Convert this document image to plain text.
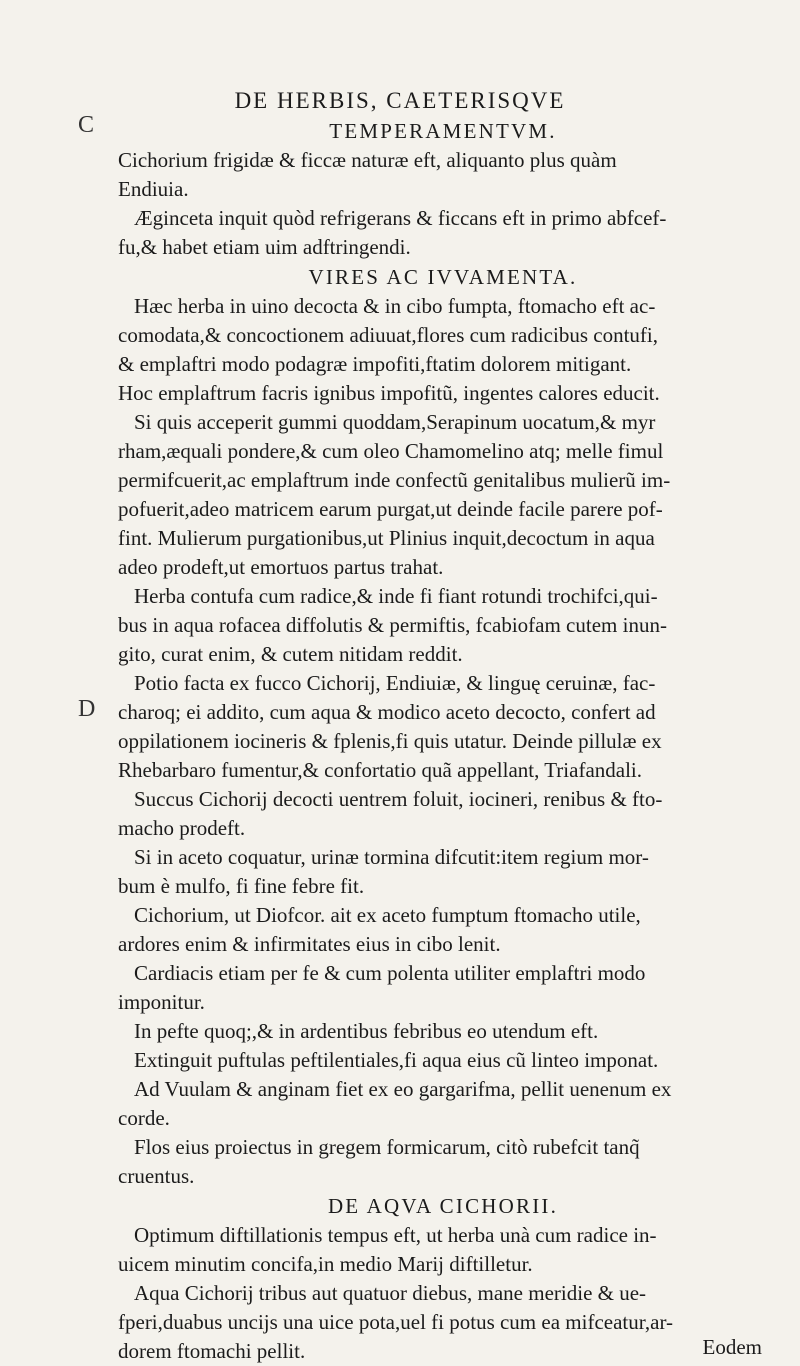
C
D
DE HERBIS, CAETERISQVE
TEMPERAMENTVM.
Cichorium frigidæ & ficcæ naturæ eft, aliquanto plus quàm
Endiuia.
Æginceta inquit quòd refrigerans & ficcans eft in primo abfcef-
fu,& habet etiam uim adftringendi.
VIRES AC IVVAMENTA.
Hæc herba in uino decocta & in cibo fumpta, ftomacho eft ac-
comodata,& concoctionem adiuuat,flores cum radicibus contufi,
& emplaftri modo podagræ impofiti,ftatim dolorem mitigant.
Hoc emplaftrum facris ignibus impofitũ, ingentes calores educit.
Si quis acceperit gummi quoddam,Serapinum uocatum,& myr
rham,æquali pondere,& cum oleo Chamomelino atq; melle fimul
permifcuerit,ac emplaftrum inde confectũ genitalibus mulierũ im-
pofuerit,adeo matricem earum purgat,ut deinde facile parere pof-
fint. Mulierum purgationibus,ut Plinius inquit,decoctum in aqua
adeo prodeft,ut emortuos partus trahat.
Herba contufa cum radice,& inde fi fiant rotundi trochifci,qui-
bus in aqua rofacea diffolutis & permiftis, fcabiofam cutem inun-
gito, curat enim, & cutem nitidam reddit.
Potio facta ex fucco Cichorij, Endiuiæ, & linguę ceruinæ, fac-
charoq; ei addito, cum aqua & modico aceto decocto, confert ad
oppilationem iocineris & fplenis,fi quis utatur. Deinde pillulæ ex
Rhebarbaro fumentur,& confortatio quã appellant, Triafandali.
Succus Cichorij decocti uentrem foluit, iocineri, renibus & fto-
macho prodeft.
Si in aceto coquatur, urinæ tormina difcutit:item regium mor-
bum è mulfo, fi fine febre fit.
Cichorium, ut Diofcor. ait ex aceto fumptum ftomacho utile,
ardores enim & infirmitates eius in cibo lenit.
Cardiacis etiam per fe & cum polenta utiliter emplaftri modo
imponitur.
In pefte quoq;,& in ardentibus febribus eo utendum eft.
Extinguit puftulas peftilentiales,fi aqua eius cũ linteo imponat.
Ad Vuulam & anginam fiet ex eo gargarifma, pellit uenenum ex
corde.
Flos eius proiectus in gregem formicarum, citò rubefcit tanq̃
cruentus.
DE AQVA CICHORII.
Optimum diftillationis tempus eft, ut herba unà cum radice in-
uicem minutim concifa,in medio Marij diftilletur.
Aqua Cichorij tribus aut quatuor diebus, mane meridie & ue-
fperi,duabus uncijs una uice pota,uel fi potus cum ea mifceatur,ar-
dorem ftomachi pellit.	Eodem
